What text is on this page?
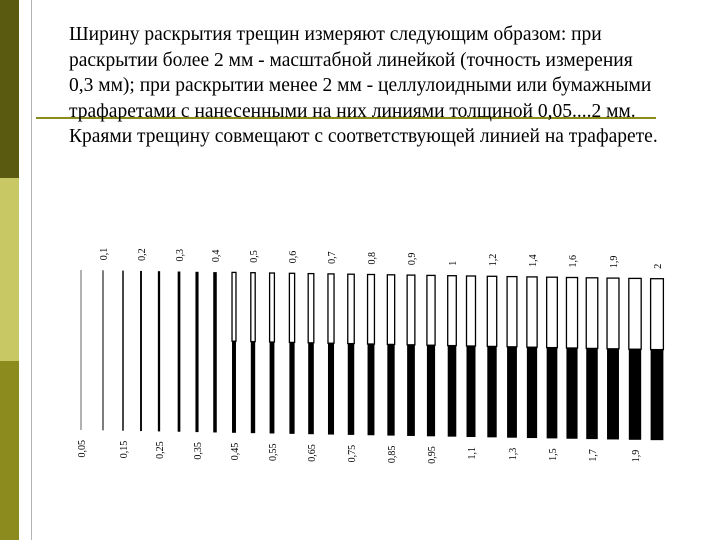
Ширину раскрытия трещин измеряют следующим образом: при
раскрытии более 2 мм - масштабной линейкой (точность измерения
0,3 мм); при раскрытии менее 2 мм - целлулоидными или бумажными
трафаретами с нанесенными на них линиями толщиной 0,05....2 мм.
Краями трещину совмещают с соответствующей линией на трафарете.
0,1	0,2	0,3	0,4	0,5	0,6	0,7	0,8	0,9	1	1,2	1,4	1,6	1,9	2
0,05	0,15	0,25	0,35	0,45	0,55	0,65	0,75	0,85	0,95	1,1	1,3	1,5	1,7	1,9
